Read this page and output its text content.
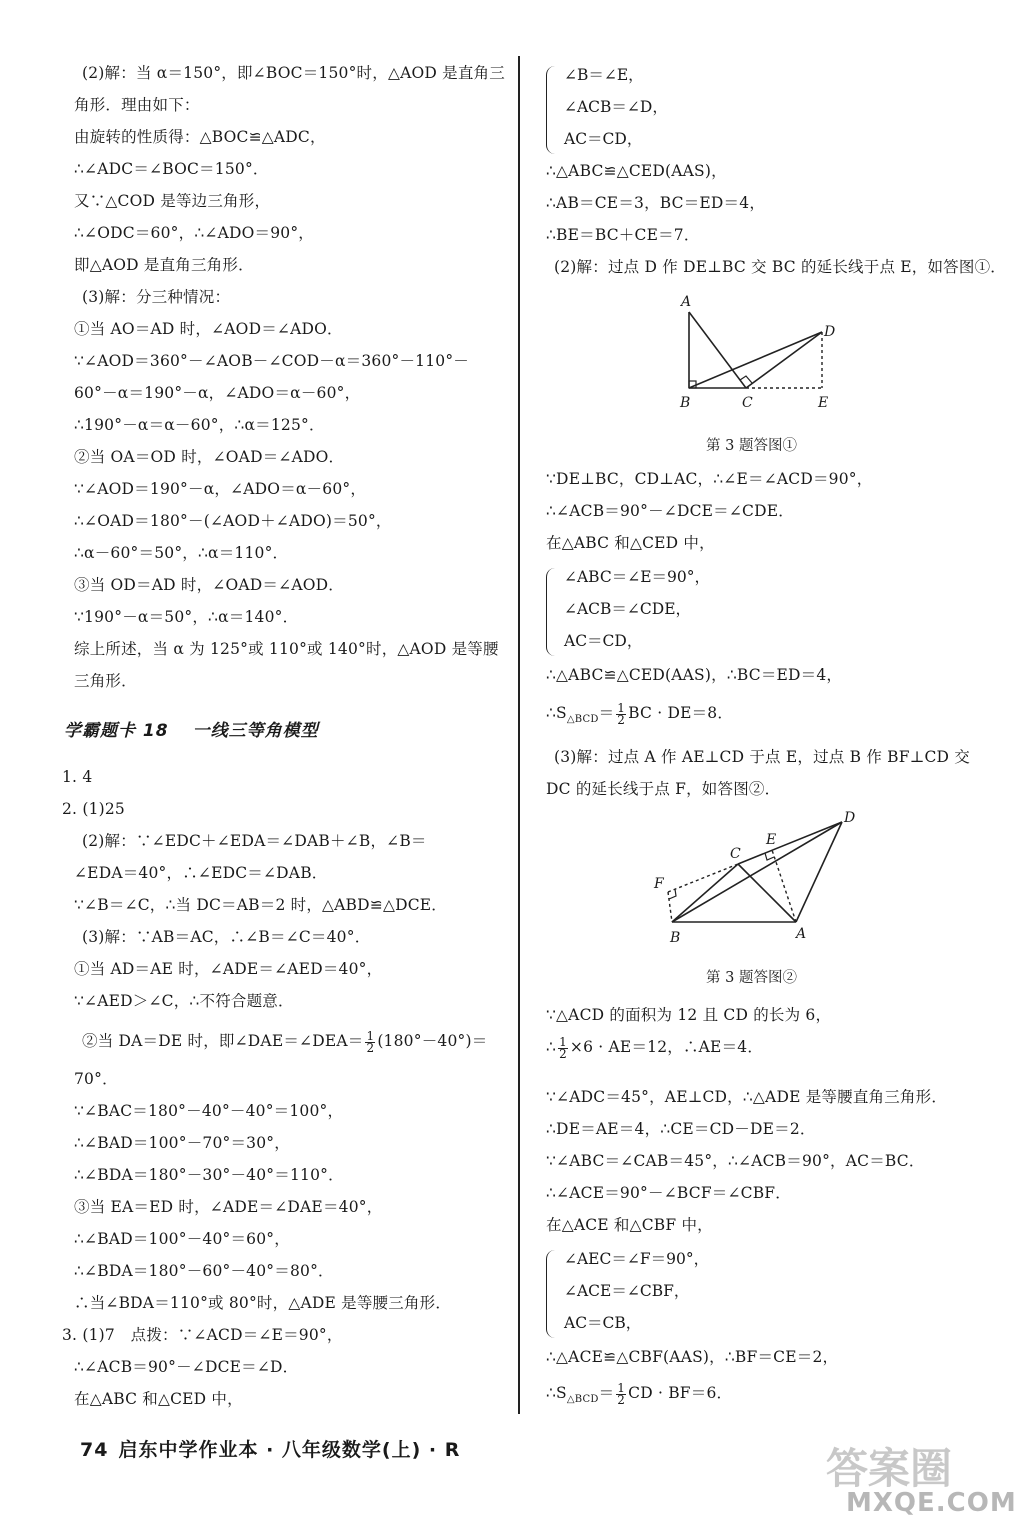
(2)解：当 α＝150°，即∠BOC＝150°时，△AOD 是直角三
角形．理由如下：
由旋转的性质得：△BOC≌△ADC，
∴∠ADC＝∠BOC＝150°．
又∵△COD 是等边三角形，
∴∠ODC＝60°，∴∠ADO＝90°，
即△AOD 是直角三角形．
(3)解：分三种情况：
①当 AO＝AD 时，∠AOD＝∠ADO．
∵∠AOD＝360°－∠AOB－∠COD－α＝360°－110°－
60°－α＝190°－α，∠ADO＝α－60°，
∴190°－α＝α－60°，∴α＝125°．
②当 OA＝OD 时，∠OAD＝∠ADO．
∵∠AOD＝190°－α，∠ADO＝α－60°，
∴∠OAD＝180°－(∠AOD＋∠ADO)＝50°，
∴α－60°＝50°，∴α＝110°．
③当 OD＝AD 时，∠OAD＝∠AOD．
∵190°－α＝50°，∴α＝140°．
综上所述，当 α 为 125°或 110°或 140°时，△AOD 是等腰
三角形．
1. 4
2. (1)25
(2)解：∵∠EDC＋∠EDA＝∠DAB＋∠B，∠B＝
∠EDA＝40°，∴∠EDC＝∠DAB．
∵∠B＝∠C，∴当 DC＝AB＝2 时，△ABD≌△DCE．
(3)解：∵AB＝AC，∴∠B＝∠C＝40°．
①当 AD＝AE 时，∠ADE＝∠AED＝40°，
∵∠AED＞∠C，∴不符合题意．
70°．
∵∠BAC＝180°－40°－40°＝100°，
∴∠BAD＝100°－70°＝30°，
∴∠BDA＝180°－30°－40°＝110°．
③当 EA＝ED 时，∠ADE＝∠DAE＝40°，
∴∠BAD＝100°－40°＝60°，
∴∠BDA＝180°－60°－40°＝80°．
∴当∠BDA＝110°或 80°时，△ADE 是等腰三角形．
3. (1)7　点拨：∵∠ACD＝∠E＝90°，
∴∠ACB＝90°－∠DCE＝∠D．
在△ABC 和△CED 中，
学霸题卡 18 一线三等角模型
②当 DA＝DE 时，即∠DAE＝∠DEA＝ $\frac{1}{2} (180^\circ-40^\circ)=$
A
D
B	C	E
第 3 题答图①
$\therefore S_{\triangle BCD}= \frac{1}{2}$ BC · DE＝8．
D
E
C
F
B	A
第 3 题答图②
∴ $\frac{1}{2} \times 6 \cdot AE=12$，∴AE＝4．
$\therefore S_{\triangle BCD}= \frac{1}{2}$ CD · BF＝6．
∴△ABC≌△CED(AAS)，
∴AB＝CE＝3，BC＝ED＝4，
∴BE＝BC＋CE＝7．
(2)解：过点 D 作 DE⊥BC 交 BC 的延长线于点 E，如答图①．
∵DE⊥BC，CD⊥AC，∴∠E＝∠ACD＝90°，
∴∠ACB＝90°－∠DCE＝∠CDE．
在△ABC 和△CED 中，
∴△ABC≌△CED(AAS)，∴BC＝ED＝4，
(3)解：过点 A 作 AE⊥CD 于点 E，过点 B 作 BF⊥CD 交
DC 的延长线于点 F，如答图②．
∵△ACD 的面积为 12 且 CD 的长为 6，
∵∠ADC＝45°，AE⊥CD，∴△ADE 是等腰直角三角形．
∴DE＝AE＝4，∴CE＝CD－DE＝2．
∵∠ABC＝∠CAB＝45°，∴∠ACB＝90°，AC＝BC．
∴∠ACE＝90°－∠BCF＝∠CBF．
在△ACE 和△CBF 中，
∴△ACE≌△CBF(AAS)，∴BF＝CE＝2，
∠B＝∠E，
∠ACB＝∠D，
AC＝CD，
∠ABC＝∠E＝90°，
∠ACB＝∠CDE，
AC＝CD，
∠AEC＝∠F＝90°，
∠ACE＝∠CBF，
AC＝CB，
74 启东中学作业本 · 八年级数学(上) · R	答案圈
MXQE.COM
